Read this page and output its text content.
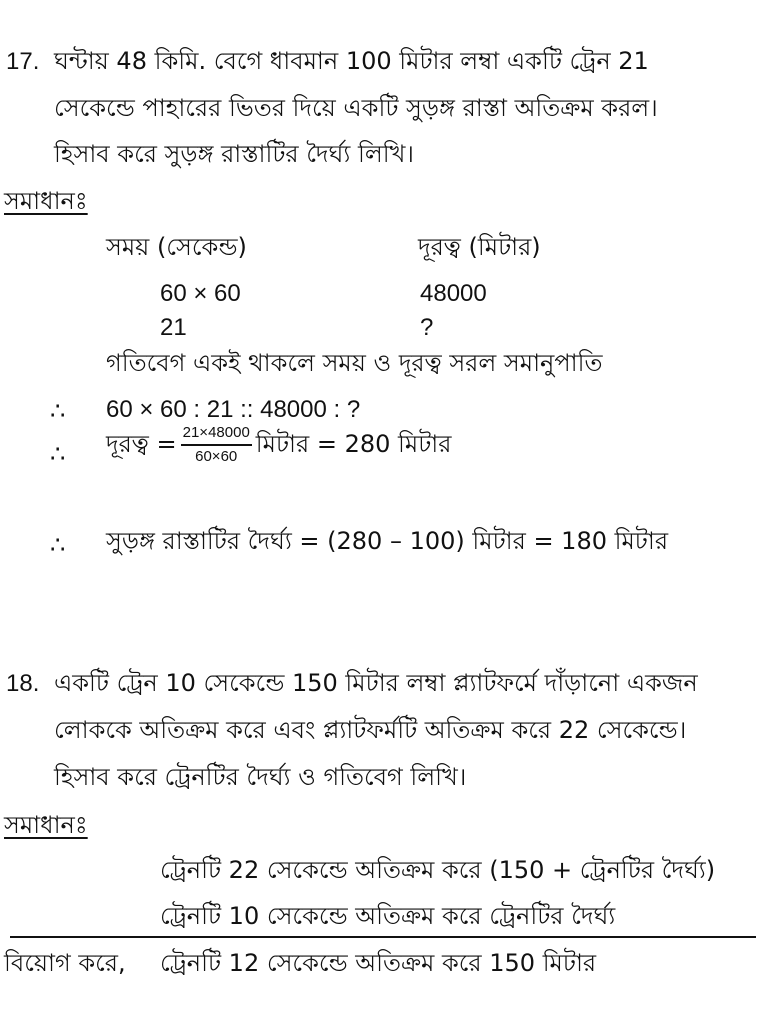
17. ঘন্টায় 48 কিমি. বেগে ধাবমান 100 মিটার লম্বা একটি ট্রেন 21
সেকেন্ডে পাহারের ভিতর দিয়ে একটি সুড়ঙ্গ রাস্তা অতিক্রম করল।
হিসাব করে সুড়ঙ্গ রাস্তাটির দৈর্ঘ্য লিখি।
সমাধানঃ
সময় (সেকেন্ড)	দূরত্ব (মিটার)
60 × 60	48000
21	?
গতিবেগ একই থাকলে সময় ও দূরত্ব সরল সমানুপাতি
∴ 60 × 60 : 21 :: 48000 : ?
∴ দূরত্ব = $\frac{21\times 48000}{60\times 60}$ মিটার = 280 মিটার
∴ সুড়ঙ্গ রাস্তাটির দৈর্ঘ্য = (280 – 100) মিটার = 180 মিটার
18. একটি ট্রেন 10 সেকেন্ডে 150 মিটার লম্বা প্ল্যাটফর্মে দাঁড়ানো একজন
লোককে অতিক্রম করে এবং প্ল্যাটফর্মটি অতিক্রম করে 22 সেকেন্ডে।
হিসাব করে ট্রেনটির দৈর্ঘ্য ও গতিবেগ লিখি।
সমাধানঃ
ট্রেনটি 22 সেকেন্ডে অতিক্রম করে (150 + ট্রেনটির দৈর্ঘ্য)
ট্রেনটি 10 সেকেন্ডে অতিক্রম করে ট্রেনটির দৈর্ঘ্য
বিয়োগ করে, ট্রেনটি 12 সেকেন্ডে অতিক্রম করে 150 মিটার
